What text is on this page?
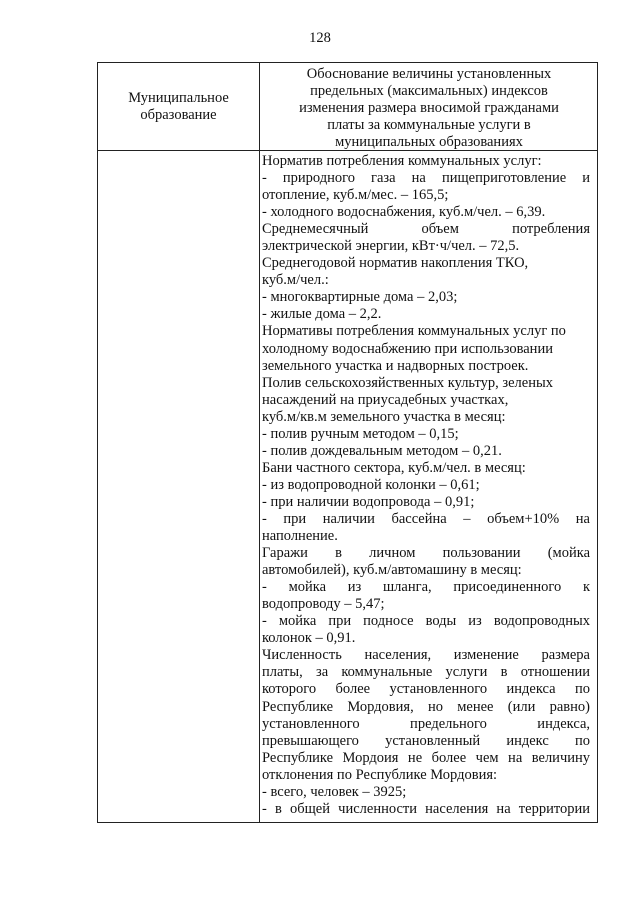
128
Муниципальное образование
Обоснование величины установленных
предельных (максимальных) индексов
изменения размера вносимой гражданами
платы за коммунальные услуги в
муниципальных образованиях
Норматив потребления коммунальных услуг:
- природного газа на пищеприготовление и
отопление, куб.м/мес. – 165,5;
- холодного водоснабжения, куб.м/чел. – 6,39.
Среднемесячный объем потребления
электрической энергии, кВт·ч/чел. – 72,5.
Среднегодовой норматив накопления ТКО,
куб.м/чел.:
- многоквартирные дома – 2,03;
- жилые дома – 2,2.
Нормативы потребления коммунальных услуг по
холодному водоснабжению при использовании
земельного участка и надворных построек.
Полив сельскохозяйственных культур, зеленых
насаждений на приусадебных участках,
куб.м/кв.м земельного участка в месяц:
- полив ручным методом – 0,15;
- полив дождевальным методом – 0,21.
Бани частного сектора, куб.м/чел. в месяц:
- из водопроводной колонки – 0,61;
- при наличии водопровода – 0,91;
- при наличии бассейна – объем+10% на
наполнение.
Гаражи в личном пользовании (мойка
автомобилей), куб.м/автомашину в месяц:
- мойка из шланга, присоединенного к
водопроводу – 5,47;
- мойка при подносе воды из водопроводных
колонок – 0,91.
Численность населения, изменение размера
платы, за коммунальные услуги в отношении
которого более установленного индекса по
Республике Мордовия, но менее (или равно)
установленного предельного индекса,
превышающего установленный индекс по
Республике Мордоия не более чем на величину
отклонения по Республике Мордовия:
- всего, человек – 3925;
- в общей численности населения на территории
